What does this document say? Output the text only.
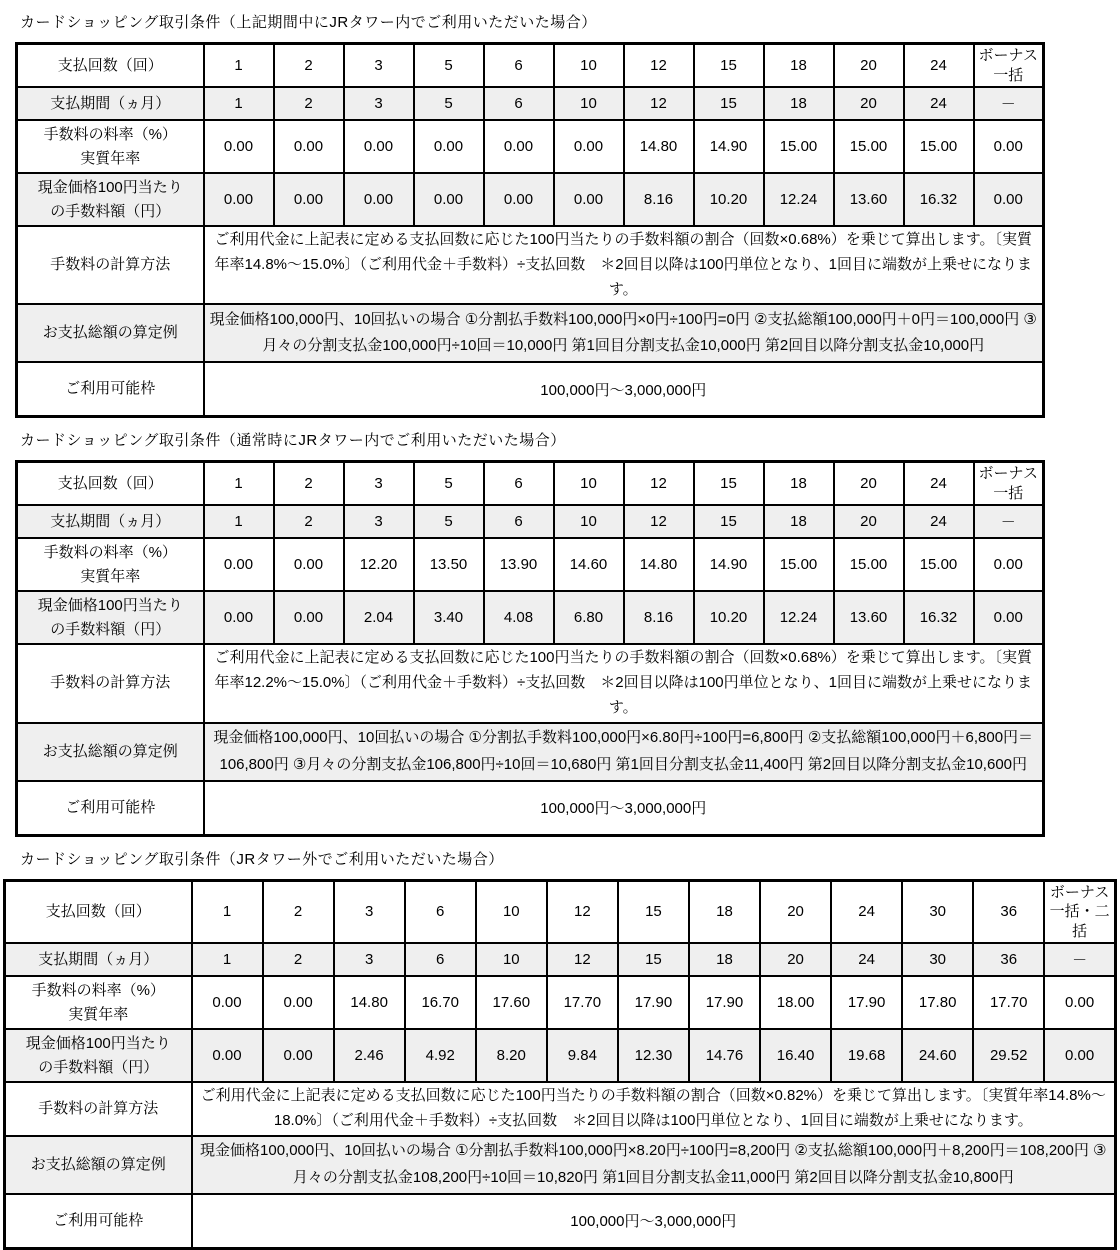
カードショッピング取引条件（上記期間中にJRタワー内でご利用いただいた場合）
支払回数（回）	1	2	3	5	6	10	12	15	18	20	24	ボーナス一括
支払期間（ヵ月）	1	2	3	5	6	10	12	15	18	20	24	－
手数料の料率（%）
実質年率	0.00	0.00	0.00	0.00	0.00	0.00	14.80	14.90	15.00	15.00	15.00	0.00
現金価格100円当たり
の手数料額（円）	0.00	0.00	0.00	0.00	0.00	0.00	8.16	10.20	12.24	13.60	16.32	0.00
手数料の計算方法	ご利用代金に上記表に定める支払回数に応じた100円当たりの手数料額の割合（回数×0.68%）を乗じて算出します。〔実質年率14.8%～15.0%〕（ご利用代金＋手数料）÷支払回数　＊2回目以降は100円単位となり、1回目に端数が上乗せになります。											
お支払総額の算定例	現金価格100,000円、10回払いの場合 ①分割払手数料100,000円×0円÷100円=0円 ②支払総額100,000円＋0円＝100,000円 ③月々の分割支払金100,000円÷10回＝10,000円 第1回目分割支払金10,000円 第2回目以降分割支払金10,000円											
ご利用可能枠	100,000円～3,000,000円											
カードショッピング取引条件（通常時にJRタワー内でご利用いただいた場合）
支払回数（回）	1	2	3	5	6	10	12	15	18	20	24	ボーナス一括
支払期間（ヵ月）	1	2	3	5	6	10	12	15	18	20	24	－
手数料の料率（%）
実質年率	0.00	0.00	12.20	13.50	13.90	14.60	14.80	14.90	15.00	15.00	15.00	0.00
現金価格100円当たり
の手数料額（円）	0.00	0.00	2.04	3.40	4.08	6.80	8.16	10.20	12.24	13.60	16.32	0.00
手数料の計算方法	ご利用代金に上記表に定める支払回数に応じた100円当たりの手数料額の割合（回数×0.68%）を乗じて算出します。〔実質年率12.2%～15.0%〕（ご利用代金＋手数料）÷支払回数　＊2回目以降は100円単位となり、1回目に端数が上乗せになります。											
お支払総額の算定例	現金価格100,000円、10回払いの場合 ①分割払手数料100,000円×6.80円÷100円=6,800円 ②支払総額100,000円＋6,800円＝106,800円 ③月々の分割支払金106,800円÷10回＝10,680円 第1回目分割支払金11,400円 第2回目以降分割支払金10,600円											
ご利用可能枠	100,000円～3,000,000円											
カードショッピング取引条件（JRタワー外でご利用いただいた場合）
支払回数（回）	1	2	3	6	10	12	15	18	20	24	30	36	ボーナス一括・二括
支払期間（ヵ月）	1	2	3	6	10	12	15	18	20	24	30	36	－
手数料の料率（%）
実質年率	0.00	0.00	14.80	16.70	17.60	17.70	17.90	17.90	18.00	17.90	17.80	17.70	0.00
現金価格100円当たり
の手数料額（円）	0.00	0.00	2.46	4.92	8.20	9.84	12.30	14.76	16.40	19.68	24.60	29.52	0.00
手数料の計算方法	ご利用代金に上記表に定める支払回数に応じた100円当たりの手数料額の割合（回数×0.82%）を乗じて算出します。〔実質年率14.8%～18.0%〕（ご利用代金＋手数料）÷支払回数　＊2回目以降は100円単位となり、1回目に端数が上乗せになります。												
お支払総額の算定例	現金価格100,000円、10回払いの場合 ①分割払手数料100,000円×8.20円÷100円=8,200円 ②支払総額100,000円＋8,200円＝108,200円 ③月々の分割支払金108,200円÷10回＝10,820円 第1回目分割支払金11,000円 第2回目以降分割支払金10,800円												
ご利用可能枠	100,000円～3,000,000円												
